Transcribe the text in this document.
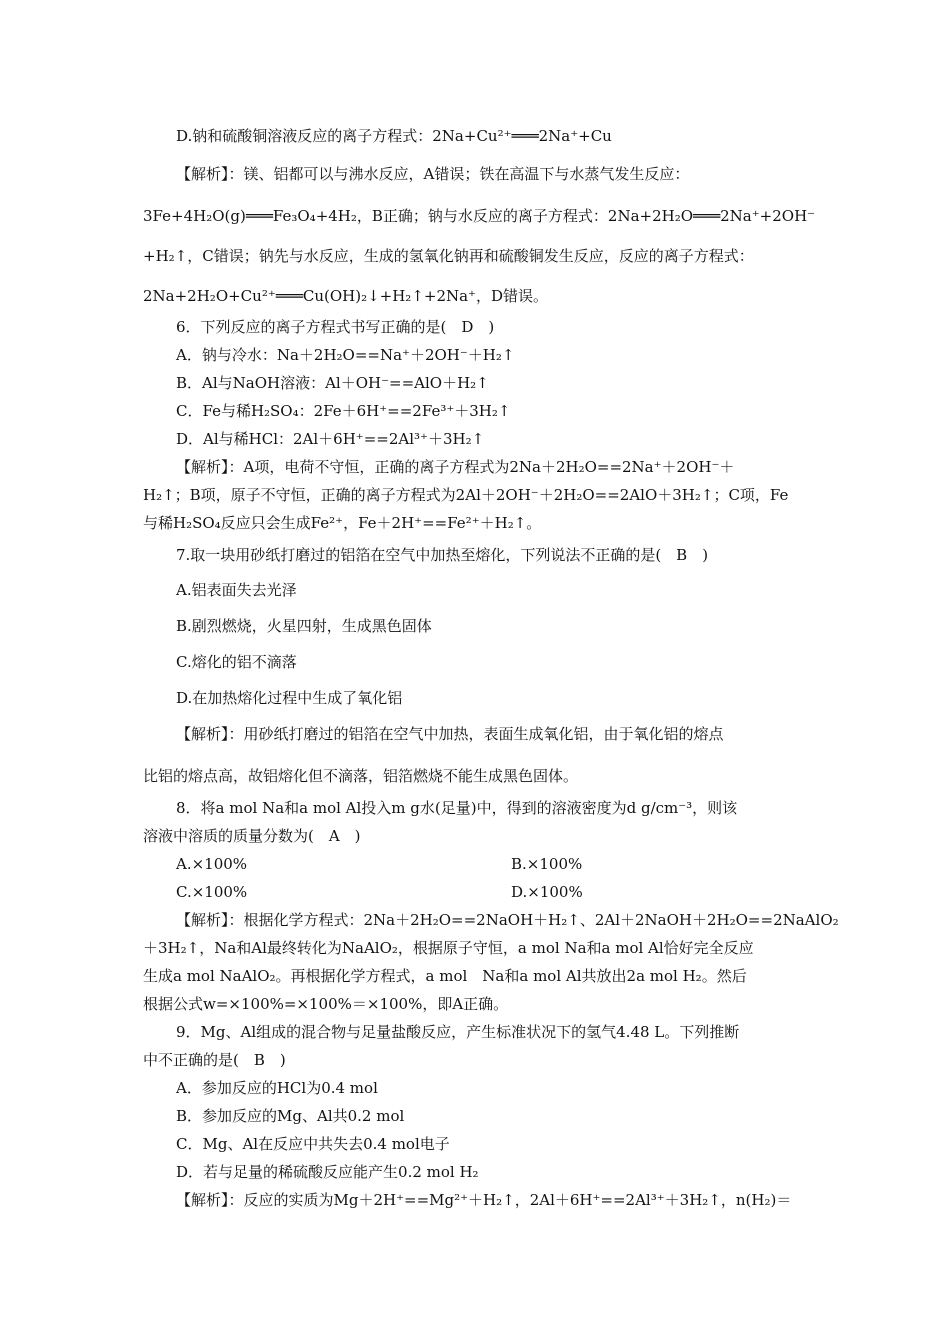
D.钠和硫酸铜溶液反应的离子方程式：2Na+Cu²⁺═══2Na⁺+Cu
【解析】：镁、铝都可以与沸水反应，A错误；铁在高温下与水蒸气发生反应：
3Fe+4H₂O(g)═══Fe₃O₄+4H₂，B正确；钠与水反应的离子方程式：2Na+2H₂O═══2Na⁺+2OH⁻
+H₂↑，C错误；钠先与水反应，生成的氢氧化钠再和硫酸铜发生反应，反应的离子方程式：
2Na+2H₂O+Cu²⁺═══Cu(OH)₂↓+H₂↑+2Na⁺，D错误。
6．下列反应的离子方程式书写正确的是(　D　)
A．钠与冷水：Na＋2H₂O==Na⁺＋2OH⁻＋H₂↑
B．Al与NaOH溶液：Al＋OH⁻==AlO＋H₂↑
C．Fe与稀H₂SO₄：2Fe＋6H⁺==2Fe³⁺＋3H₂↑
D．Al与稀HCl：2Al＋6H⁺==2Al³⁺＋3H₂↑
【解析】：A项，电荷不守恒，正确的离子方程式为2Na＋2H₂O==2Na⁺＋2OH⁻＋
H₂↑；B项，原子不守恒，正确的离子方程式为2Al＋2OH⁻＋2H₂O==2AlO＋3H₂↑；C项，Fe
与稀H₂SO₄反应只会生成Fe²⁺，Fe＋2H⁺==Fe²⁺＋H₂↑。
7.取一块用砂纸打磨过的铝箔在空气中加热至熔化，下列说法不正确的是(　B　)
A.铝表面失去光泽
B.剧烈燃烧，火星四射，生成黑色固体
C.熔化的铝不滴落
D.在加热熔化过程中生成了氧化铝
【解析】：用砂纸打磨过的铝箔在空气中加热，表面生成氧化铝，由于氧化铝的熔点
比铝的熔点高，故铝熔化但不滴落，铝箔燃烧不能生成黑色固体。
8．将a mol Na和a mol Al投入m g水(足量)中，得到的溶液密度为d g/cm⁻³，则该
溶液中溶质的质量分数为(　A　)
A.×100%	B.×100%
C.×100%	D.×100%
【解析】：根据化学方程式：2Na＋2H₂O==2NaOH＋H₂↑、2Al＋2NaOH＋2H₂O==2NaAlO₂
＋3H₂↑，Na和Al最终转化为NaAlO₂，根据原子守恒，a mol Na和a mol Al恰好完全反应
生成a mol NaAlO₂。再根据化学方程式，a mol　Na和a mol Al共放出2a mol H₂。然后
根据公式w=×100%=×100%＝×100%，即A正确。
9．Mg、Al组成的混合物与足量盐酸反应，产生标准状况下的氢气4.48 L。下列推断
中不正确的是(　B　)
A．参加反应的HCl为0.4 mol
B．参加反应的Mg、Al共0.2 mol
C．Mg、Al在反应中共失去0.4 mol电子
D．若与足量的稀硫酸反应能产生0.2 mol H₂
【解析】：反应的实质为Mg＋2H⁺==Mg²⁺＋H₂↑，2Al＋6H⁺==2Al³⁺＋3H₂↑，n(H₂)＝
